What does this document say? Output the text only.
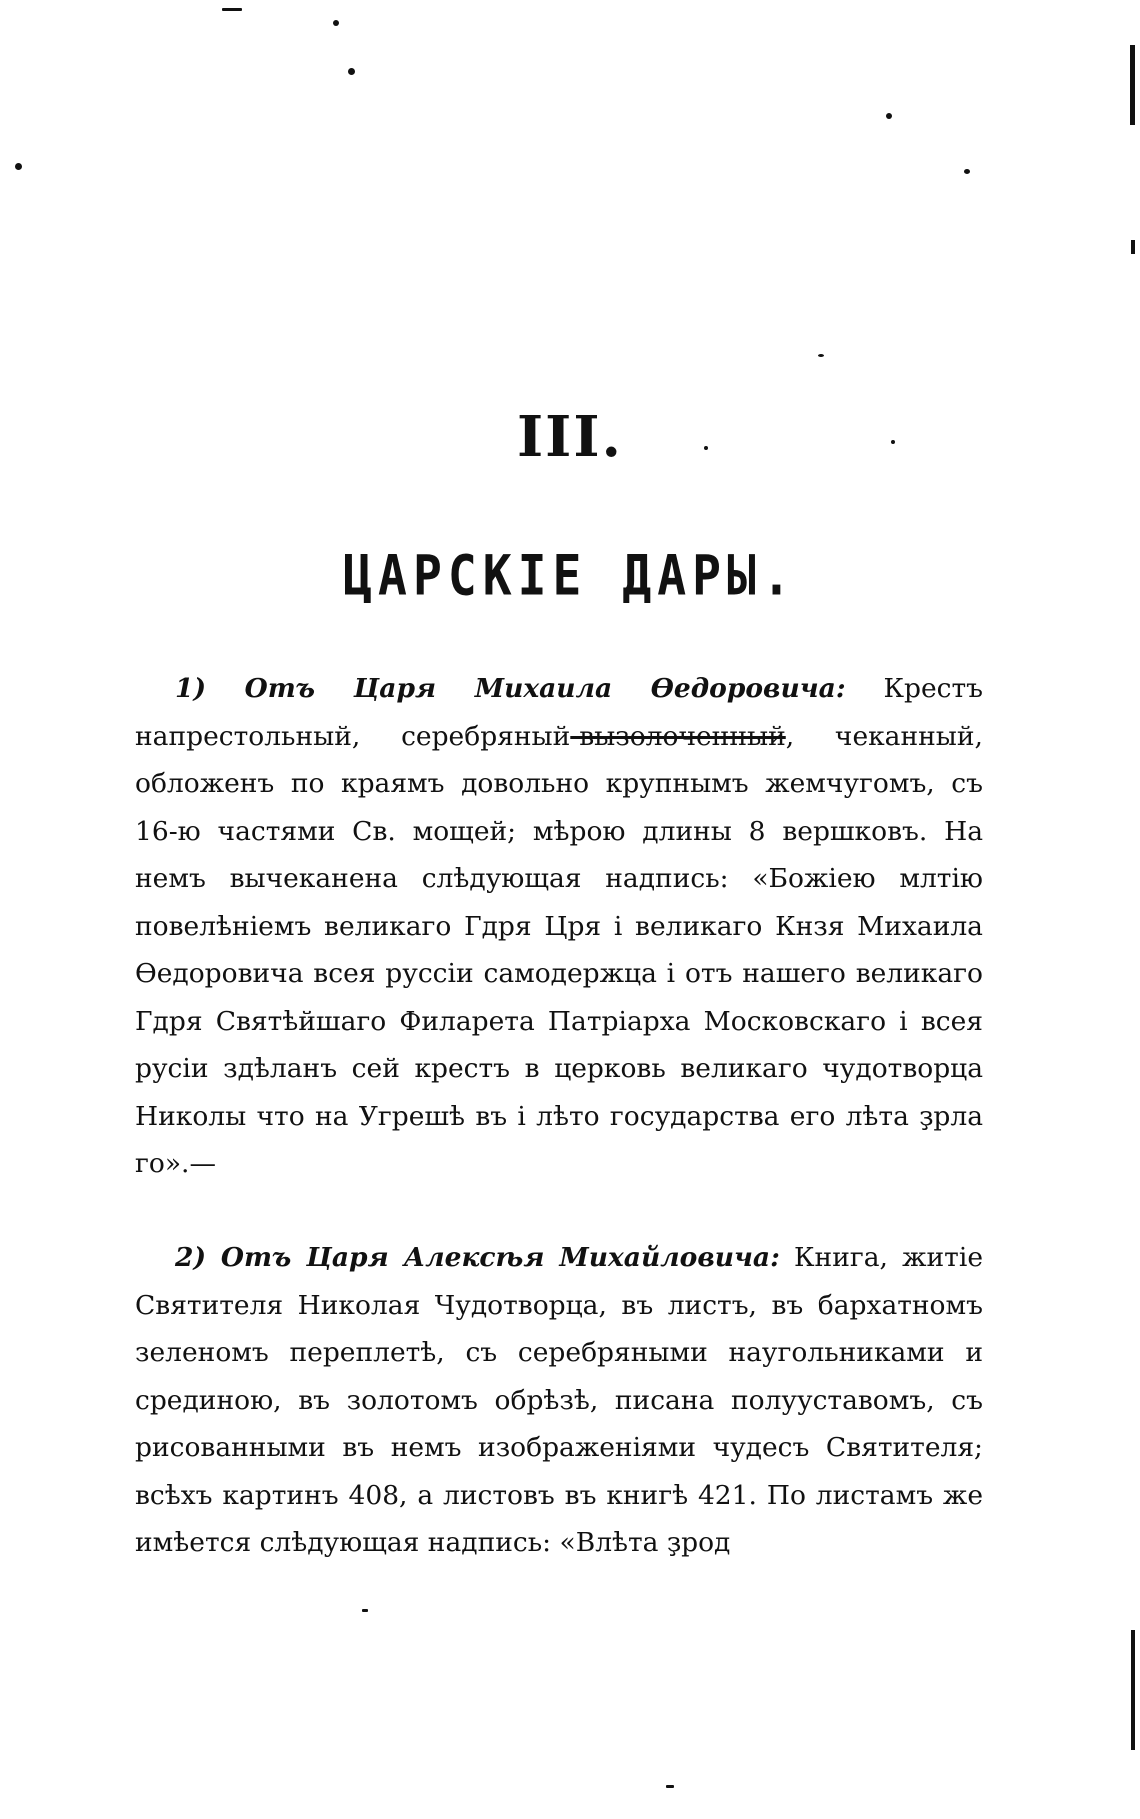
III.
ЦАРСКІЕ ДАРЫ.

1) Отъ Царя Михаила Ѳедоровича: Крестъ напрестольный, серебряный-вызолоченный, чеканный, обложенъ по краямъ довольно крупнымъ жемчугомъ, съ 16-ю частями Св. мощей; мѣрою длины 8 вершковъ. На немъ вычеканена слѣдующая надпись: «Божіею млтію повелѣніемъ великаго Гдря Цря і великаго Кнзя Михаила Ѳедоровича всея руссіи самодержца і отъ нашего великаго Гдря Святѣйшаго Филарета Патріарха Московскаго і всея русіи здѣланъ сей крестъ в церковь великаго чудотворца Николы что на Угрешѣ въ і лѣто государства его лѣта ҙрла го».—

2) Отъ Царя Алексѣя Михайловича: Книга, житіе Святителя Николая Чудотворца, въ листъ, въ бархатномъ зеленомъ переплетѣ, съ серебряными наугольниками и срединою, въ золотомъ обрѣзѣ, писана полууставомъ, съ рисованными въ немъ изображеніями чудесъ Святителя; всѣхъ картинъ 408, а листовъ въ книгѣ 421. По листамъ же имѣется слѣдующая надпись: «Влѣта ҙрод
